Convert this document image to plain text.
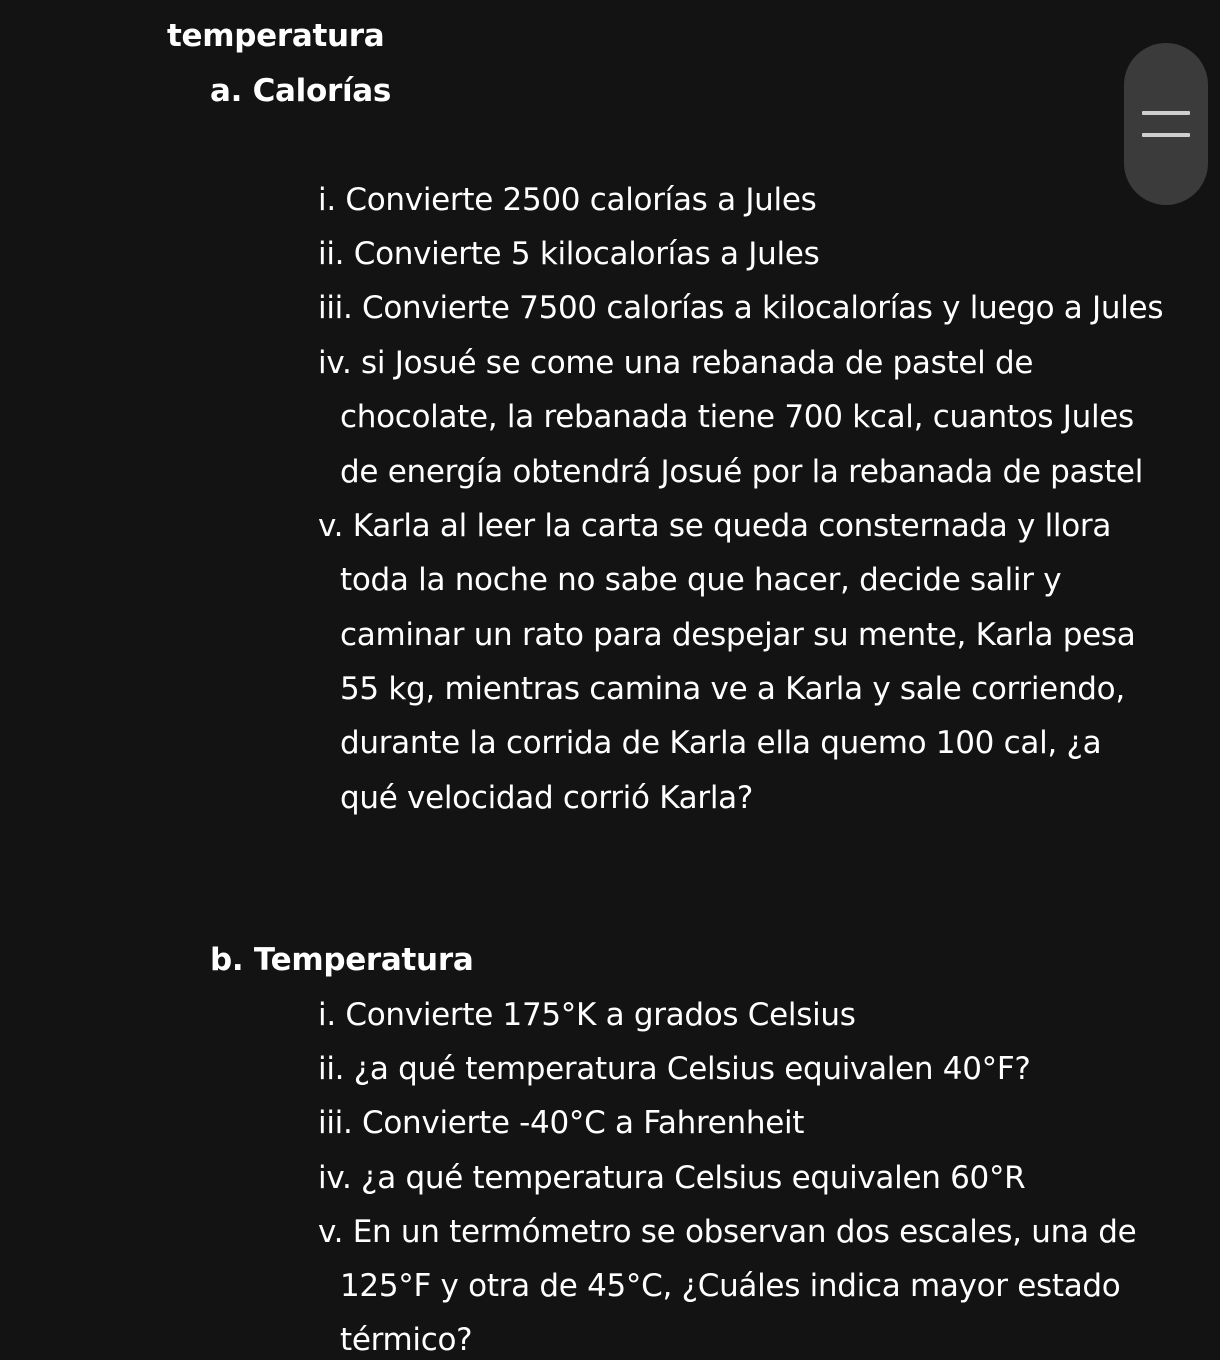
temperatura
a. Calorías
i. Convierte 2500 calorías a Jules
ii. Convierte 5 kilocalorías a Jules
iii. Convierte 7500 calorías a kilocalorías y luego a Jules
iv. si Josué se come una rebanada de pastel de
chocolate, la rebanada tiene 700 kcal, cuantos Jules
de energía obtendrá Josué por la rebanada de pastel
v. Karla al leer la carta se queda consternada y llora
toda la noche no sabe que hacer, decide salir y
caminar un rato para despejar su mente, Karla pesa
55 kg, mientras camina ve a Karla y sale corriendo,
durante la corrida de Karla ella quemo 100 cal, ¿a
qué velocidad corrió Karla?
b. Temperatura
i. Convierte 175°K a grados Celsius
ii. ¿a qué temperatura Celsius equivalen 40°F?
iii. Convierte -40°C a Fahrenheit
iv. ¿a qué temperatura Celsius equivalen 60°R
v. En un termómetro se observan dos escales, una de
125°F y otra de 45°C, ¿Cuáles indica mayor estado
térmico?
